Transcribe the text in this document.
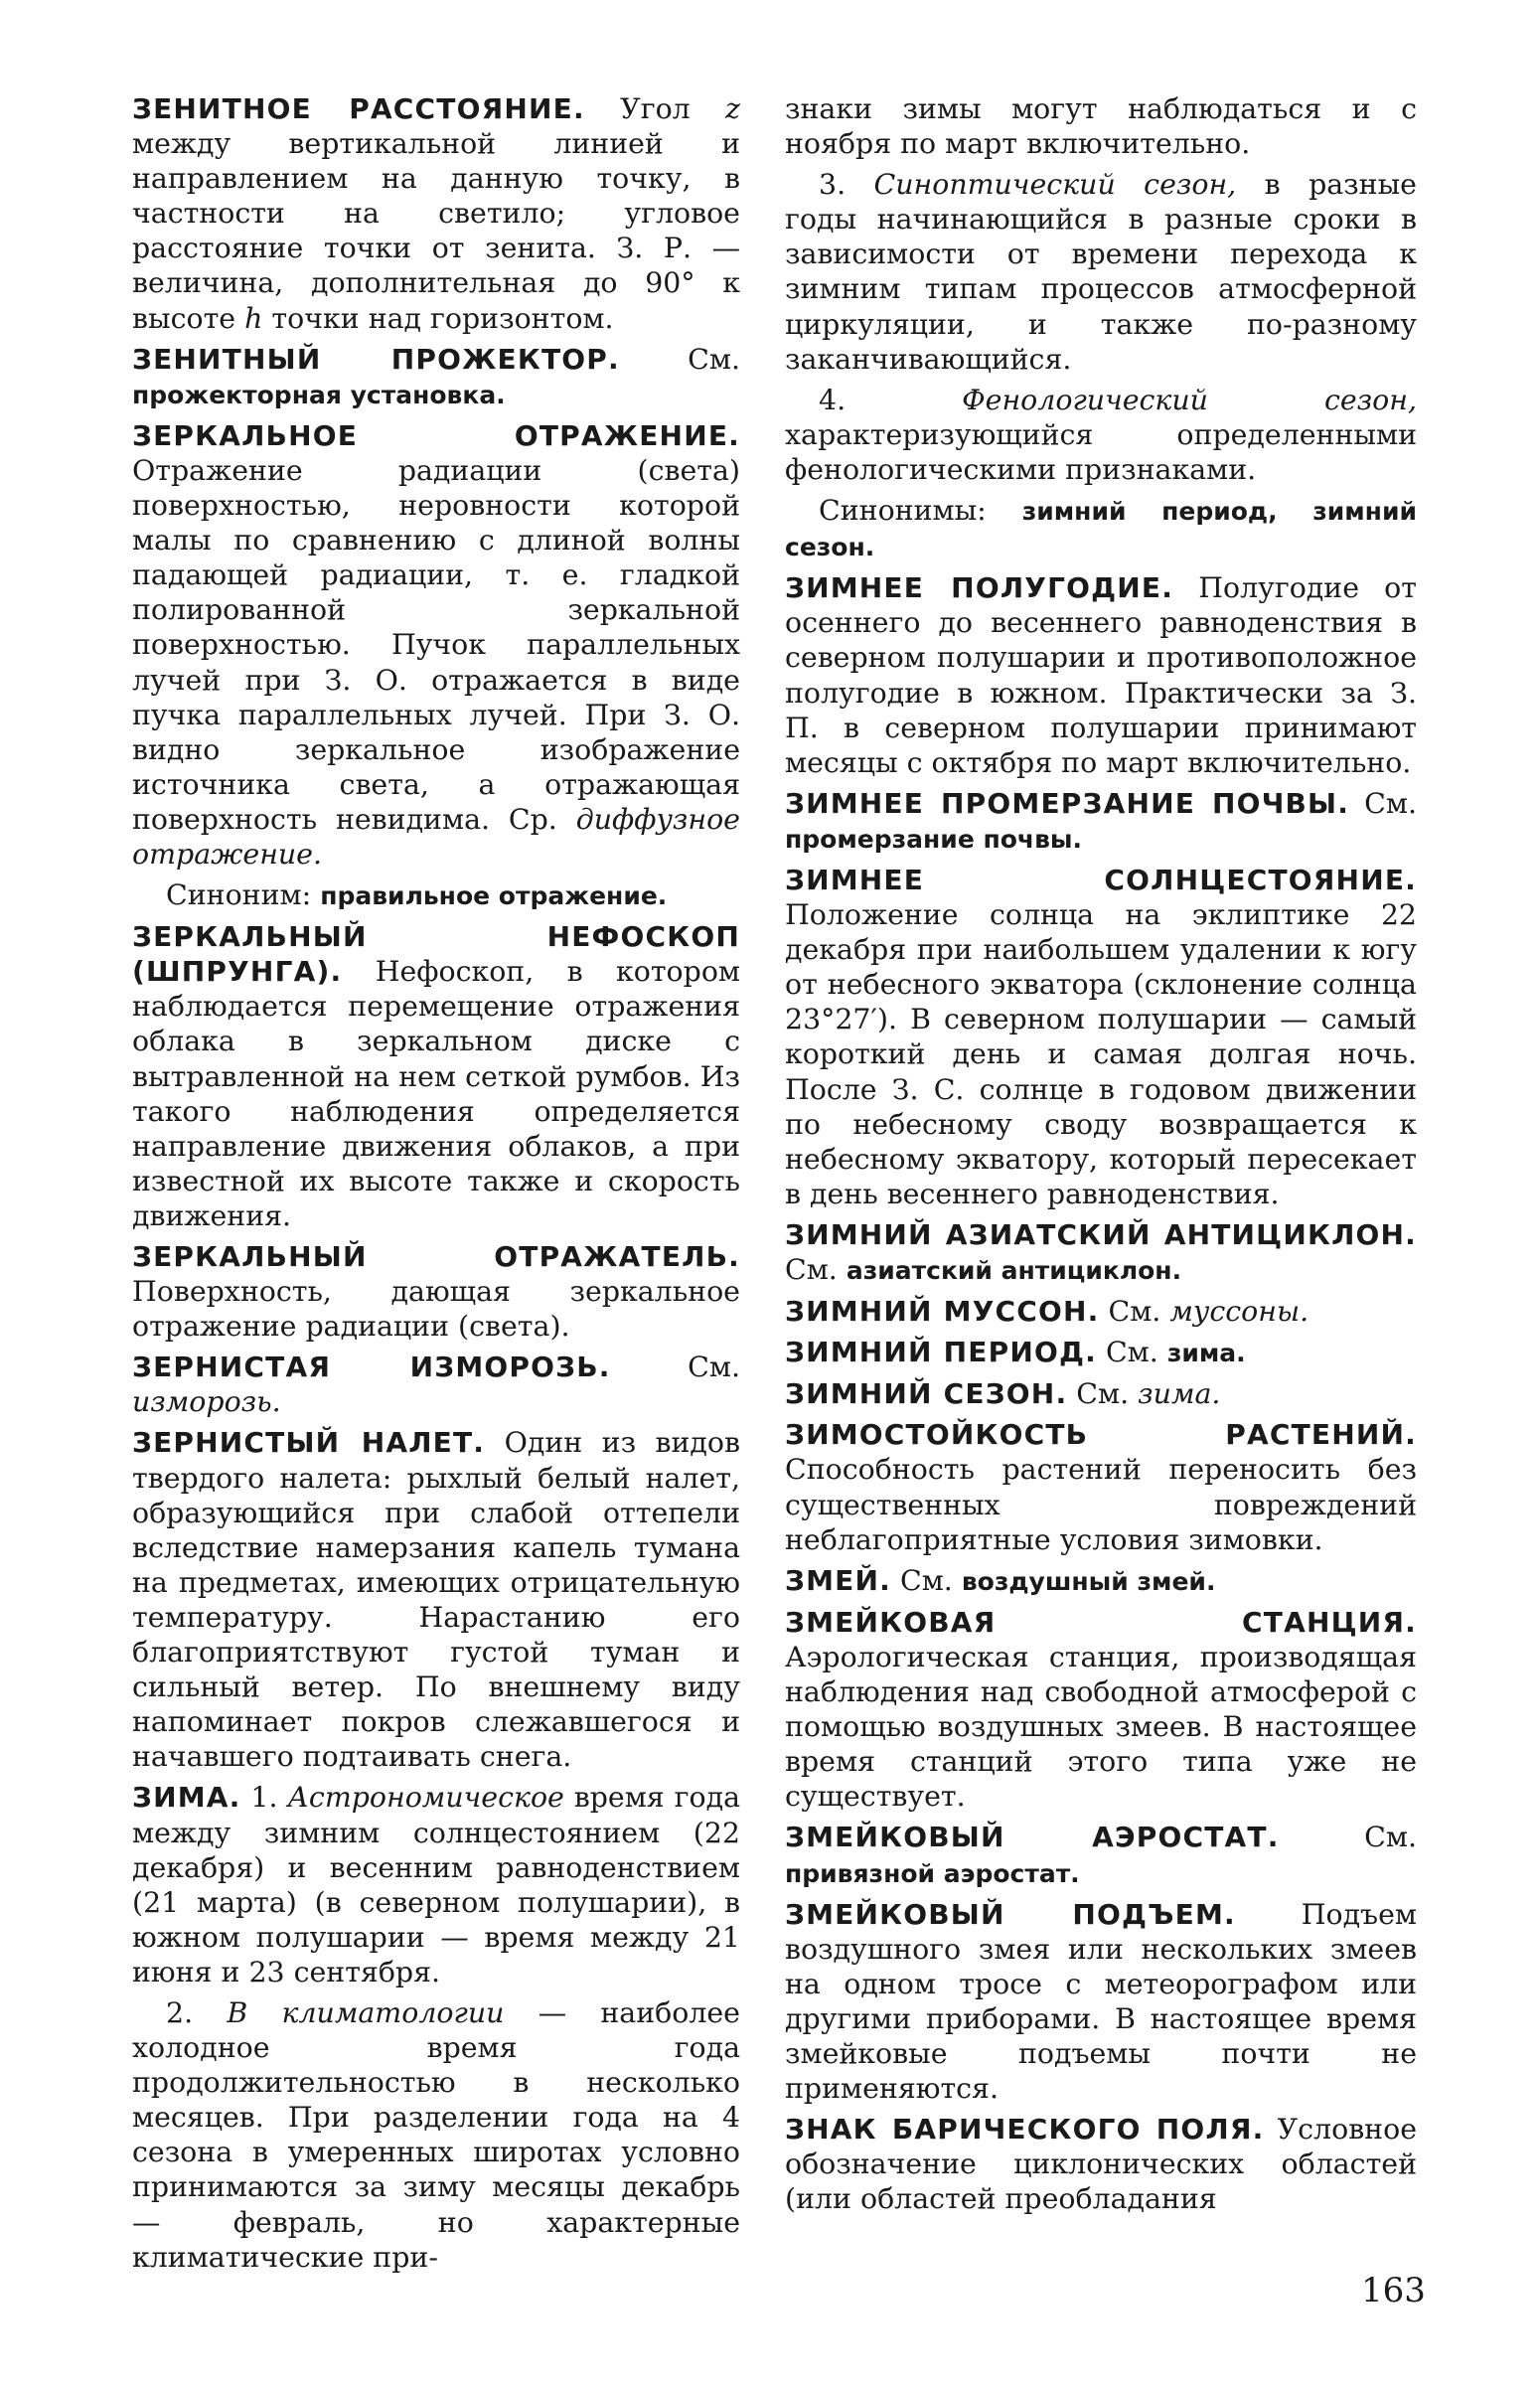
ЗЕНИТНОЕ РАССТОЯНИЕ. Угол z между вертикальной линией и направлением на данную точку, в частности на светило; угловое расстояние точки от зенита. З. Р. — величина, дополнительная до 90° к высоте h точки над горизонтом.

ЗЕНИТНЫЙ ПРОЖЕКТОР. См. прожекторная установка.

ЗЕРКАЛЬНОЕ ОТРАЖЕНИЕ. Отражение радиации (света) поверхностью, неровности которой малы по сравнению с длиной волны падающей радиации, т. е. гладкой полированной зеркальной поверхностью. Пучок параллельных лучей при З. О. отражается в виде пучка параллельных лучей. При З. О. видно зеркальное изображение источника света, а отражающая поверхность невидима. Ср. диффузное отражение.

Синоним: правильное отражение.

ЗЕРКАЛЬНЫЙ НЕФОСКОП (ШПРУНГА). Нефоскоп, в котором наблюдается перемещение отражения облака в зеркальном диске с вытравленной на нем сеткой румбов. Из такого наблюдения определяется направление движения облаков, а при известной их высоте также и скорость движения.

ЗЕРКАЛЬНЫЙ ОТРАЖАТЕЛЬ. Поверхность, дающая зеркальное отражение радиации (света).

ЗЕРНИСТАЯ ИЗМОРОЗЬ. См. изморозь.

ЗЕРНИСТЫЙ НАЛЕТ. Один из видов твердого налета: рыхлый белый налет, образующийся при слабой оттепели вследствие намерзания капель тумана на предметах, имеющих отрицательную температуру. Нарастанию его благоприятствуют густой туман и сильный ветер. По внешнему виду напоминает покров слежавшегося и начавшего подтаивать снега.

ЗИМА. 1. Астрономическое время года между зимним солнцестоянием (22 декабря) и весенним равноденствием (21 марта) (в северном полушарии), в южном полушарии — время между 21 июня и 23 сентября.

2. В климатологии — наиболее холодное время года продолжительностью в несколько месяцев. При разделении года на 4 сезона в умеренных широтах условно принимаются за зиму месяцы декабрь — февраль, но характерные климатические при-

знаки зимы могут наблюдаться и с ноября по март включительно.

3. Синоптический сезон, в разные годы начинающийся в разные сроки в зависимости от времени перехода к зимним типам процессов атмосферной циркуляции, и также по-разному заканчивающийся.

4. Фенологический сезон, характеризующийся определенными фенологическими признаками.

Синонимы: зимний период, зимний сезон.

ЗИМНЕЕ ПОЛУГОДИЕ. Полугодие от осеннего до весеннего равноденствия в северном полушарии и противоположное полугодие в южном. Практически за З. П. в северном полушарии принимают месяцы с октября по март включительно.

ЗИМНЕЕ ПРОМЕРЗАНИЕ ПОЧВЫ. См. промерзание почвы.

ЗИМНЕЕ СОЛНЦЕСТОЯНИЕ. Положение солнца на эклиптике 22 декабря при наибольшем удалении к югу от небесного экватора (склонение солнца 23°27′). В северном полушарии — самый короткий день и самая долгая ночь. После З. С. солнце в годовом движении по небесному своду возвращается к небесному экватору, который пересекает в день весеннего равноденствия.

ЗИМНИЙ АЗИАТСКИЙ АНТИЦИКЛОН. См. азиатский антициклон.

ЗИМНИЙ МУССОН. См. муссоны.

ЗИМНИЙ ПЕРИОД. См. зима.

ЗИМНИЙ СЕЗОН. См. зима.

ЗИМОСТОЙКОСТЬ РАСТЕНИЙ. Способность растений переносить без существенных повреждений неблагоприятные условия зимовки.

ЗМЕЙ. См. воздушный змей.

ЗМЕЙКОВАЯ СТАНЦИЯ. Аэрологическая станция, производящая наблюдения над свободной атмосферой с помощью воздушных змеев. В настоящее время станций этого типа уже не существует.

ЗМЕЙКОВЫЙ АЭРОСТАТ. См. привязной аэростат.

ЗМЕЙКОВЫЙ ПОДЪЕМ. Подъем воздушного змея или нескольких змеев на одном тросе с метеорографом или другими приборами. В настоящее время змейковые подъемы почти не применяются.

ЗНАК БАРИЧЕСКОГО ПОЛЯ. Условное обозначение циклонических областей (или областей преобладания

163
